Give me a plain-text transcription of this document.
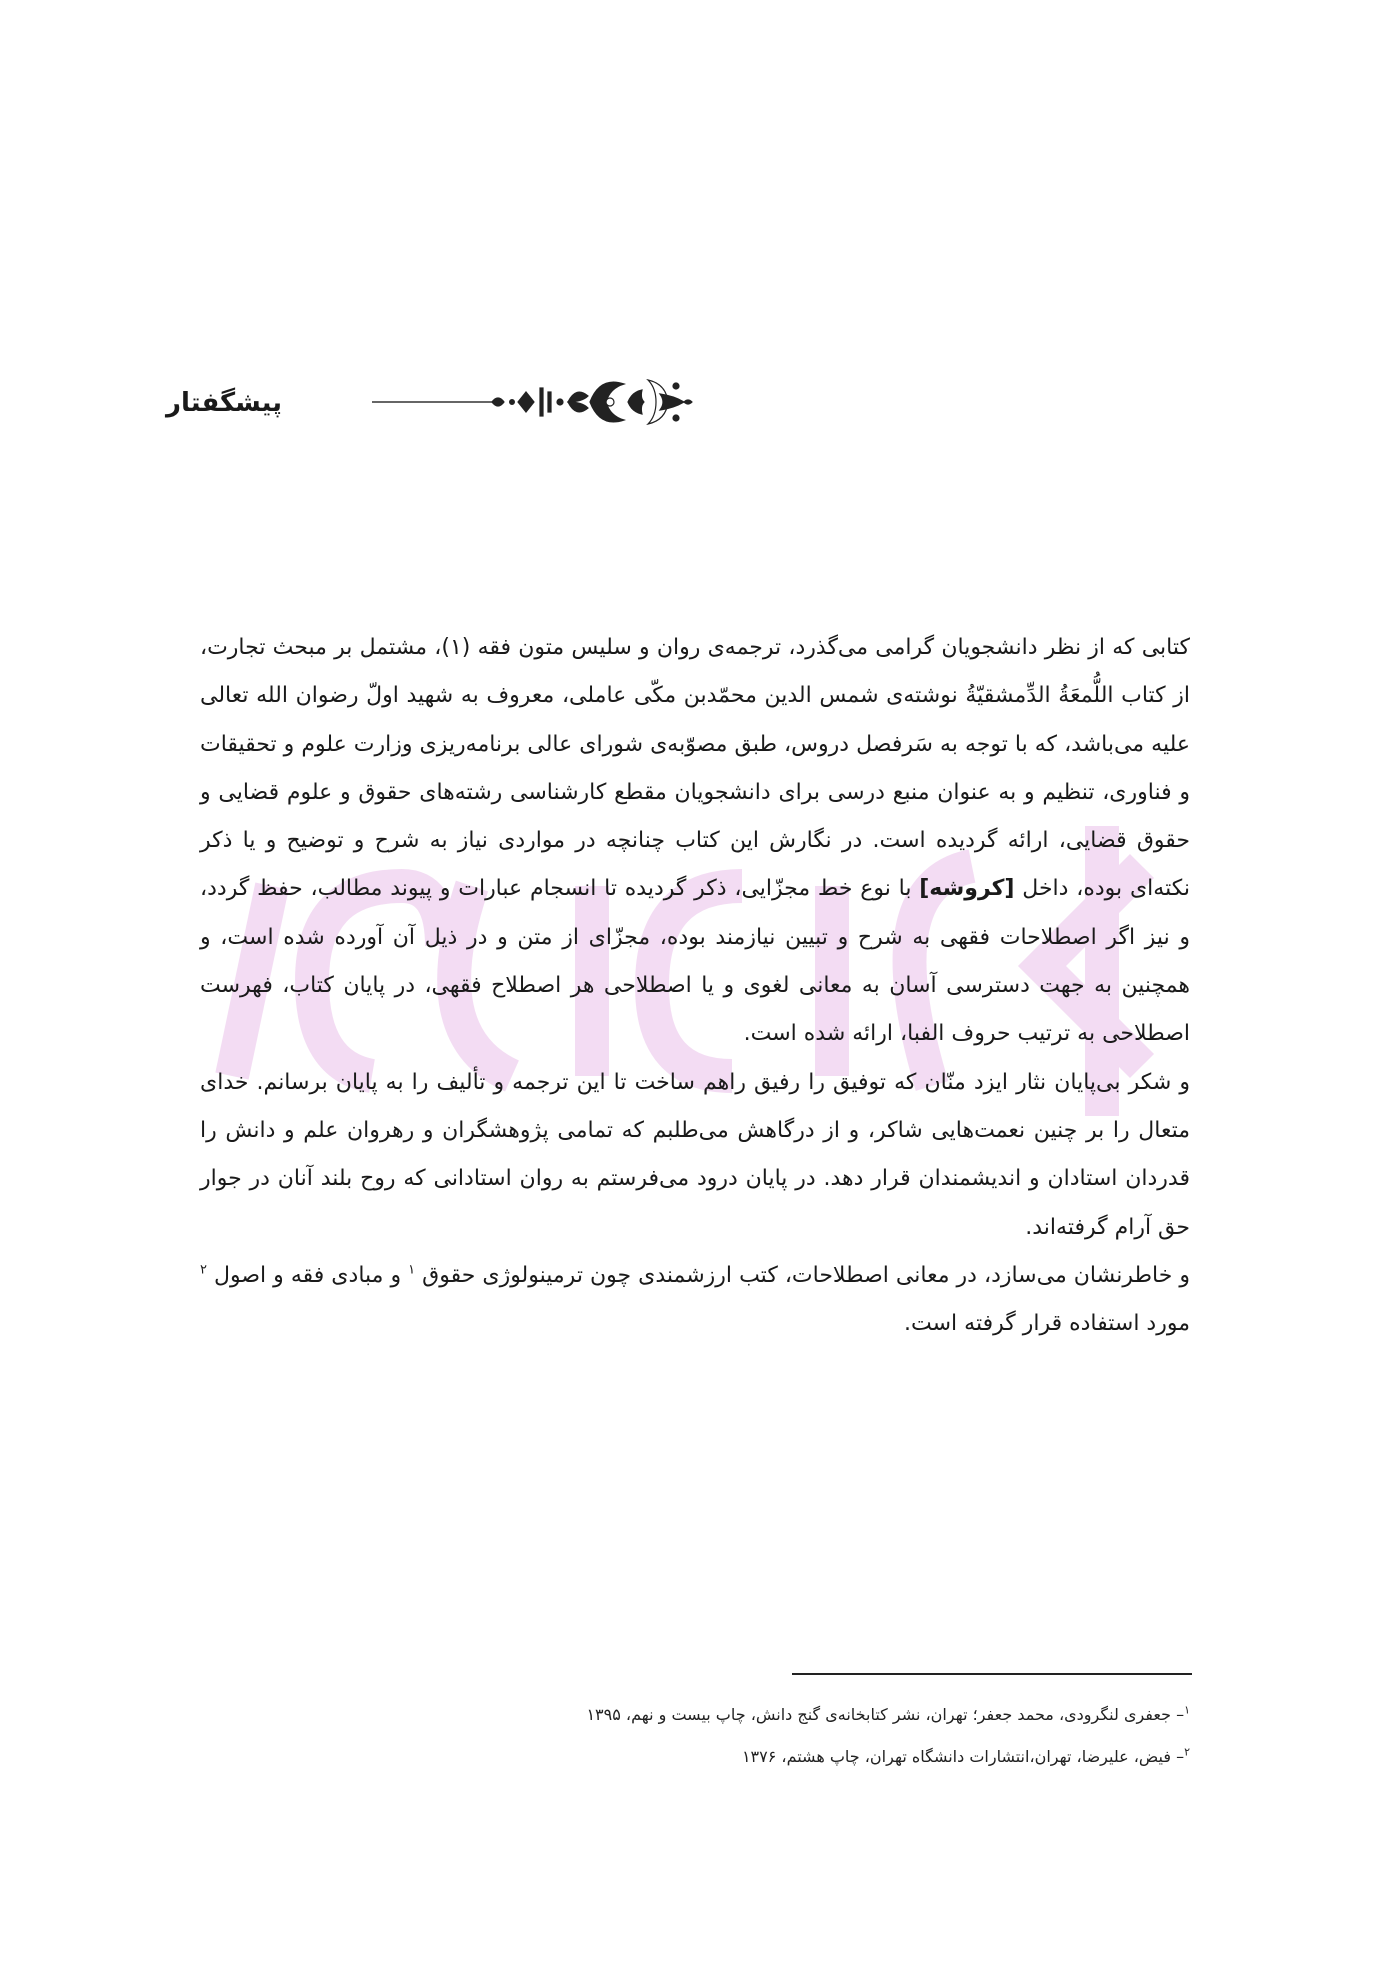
پیشگفتار

کتابی که از نظر دانشجویان گرامی می‌گذرد، ترجمه‌ی روان و سلیس متون فقه (۱)، مشتمل بر مبحث تجارت، از کتاب اللُّمعَةُ الدِّمشقیّةُ نوشته‌ی شمس الدین محمّدبن مکّی عاملی، معروف به شهید اولّ رضوان الله تعالی علیه می‌باشد، که با توجه به سَرفصل دروس، طبق مصوّبه‌ی شورای عالی برنامه‌ریزی وزارت علوم و تحقیقات و فناوری، تنظیم و به عنوان منبع درسی برای دانشجویان مقطع کارشناسی رشته‌های حقوق و علوم قضایی و حقوق قضایی، ارائه گردیده است. در نگارش این کتاب چنانچه در مواردی نیاز به شرح و توضیح و یا ذکر نکته‌ای بوده، داخل [کروشه] با نوع خط مجزّایی، ذکر گردیده تا انسجام عبارات و پیوند مطالب، حفظ گردد، و نیز اگر اصطلاحات فقهی به شرح و تبیین نیازمند بوده، مجزّای از متن و در ذیل آن آورده شده است، و همچنین به جهت دسترسی آسان به معانی لغوی و یا اصطلاحی هر اصطلاح فقهی، در پایان کتاب، فهرست اصطلاحی به ترتیب حروف الفبا، ارائه شده است.

و شکر بی‌پایان نثار ایزد منّان که توفیق را رفیق راهم ساخت تا این ترجمه و تألیف را به پایان برسانم. خدای متعال را بر چنین نعمت‌هایی شاکر، و از درگاهش می‌طلبم که تمامی پژوهشگران و رهروان علم و دانش را قدردان استادان و اندیشمندان قرار دهد. در پایان درود می‌فرستم به روان استادانی که روح بلند آنان در جوار حق آرام گرفته‌اند.

و خاطرنشان می‌سازد، در معانی اصطلاحات، کتب ارزشمندی چون ترمینولوژی حقوق $^۱$ و مبادی فقه و اصول $^۲$ مورد استفاده قرار گرفته است.

$^۱$– جعفری لنگرودی، محمد جعفر؛ تهران، نشر کتابخانه‌ی گنج دانش، چاپ بیست و نهم، ۱۳۹۵
$^۲$– فیض، علیرضا، تهران،انتشارات دانشگاه تهران، چاپ هشتم، ۱۳۷۶
